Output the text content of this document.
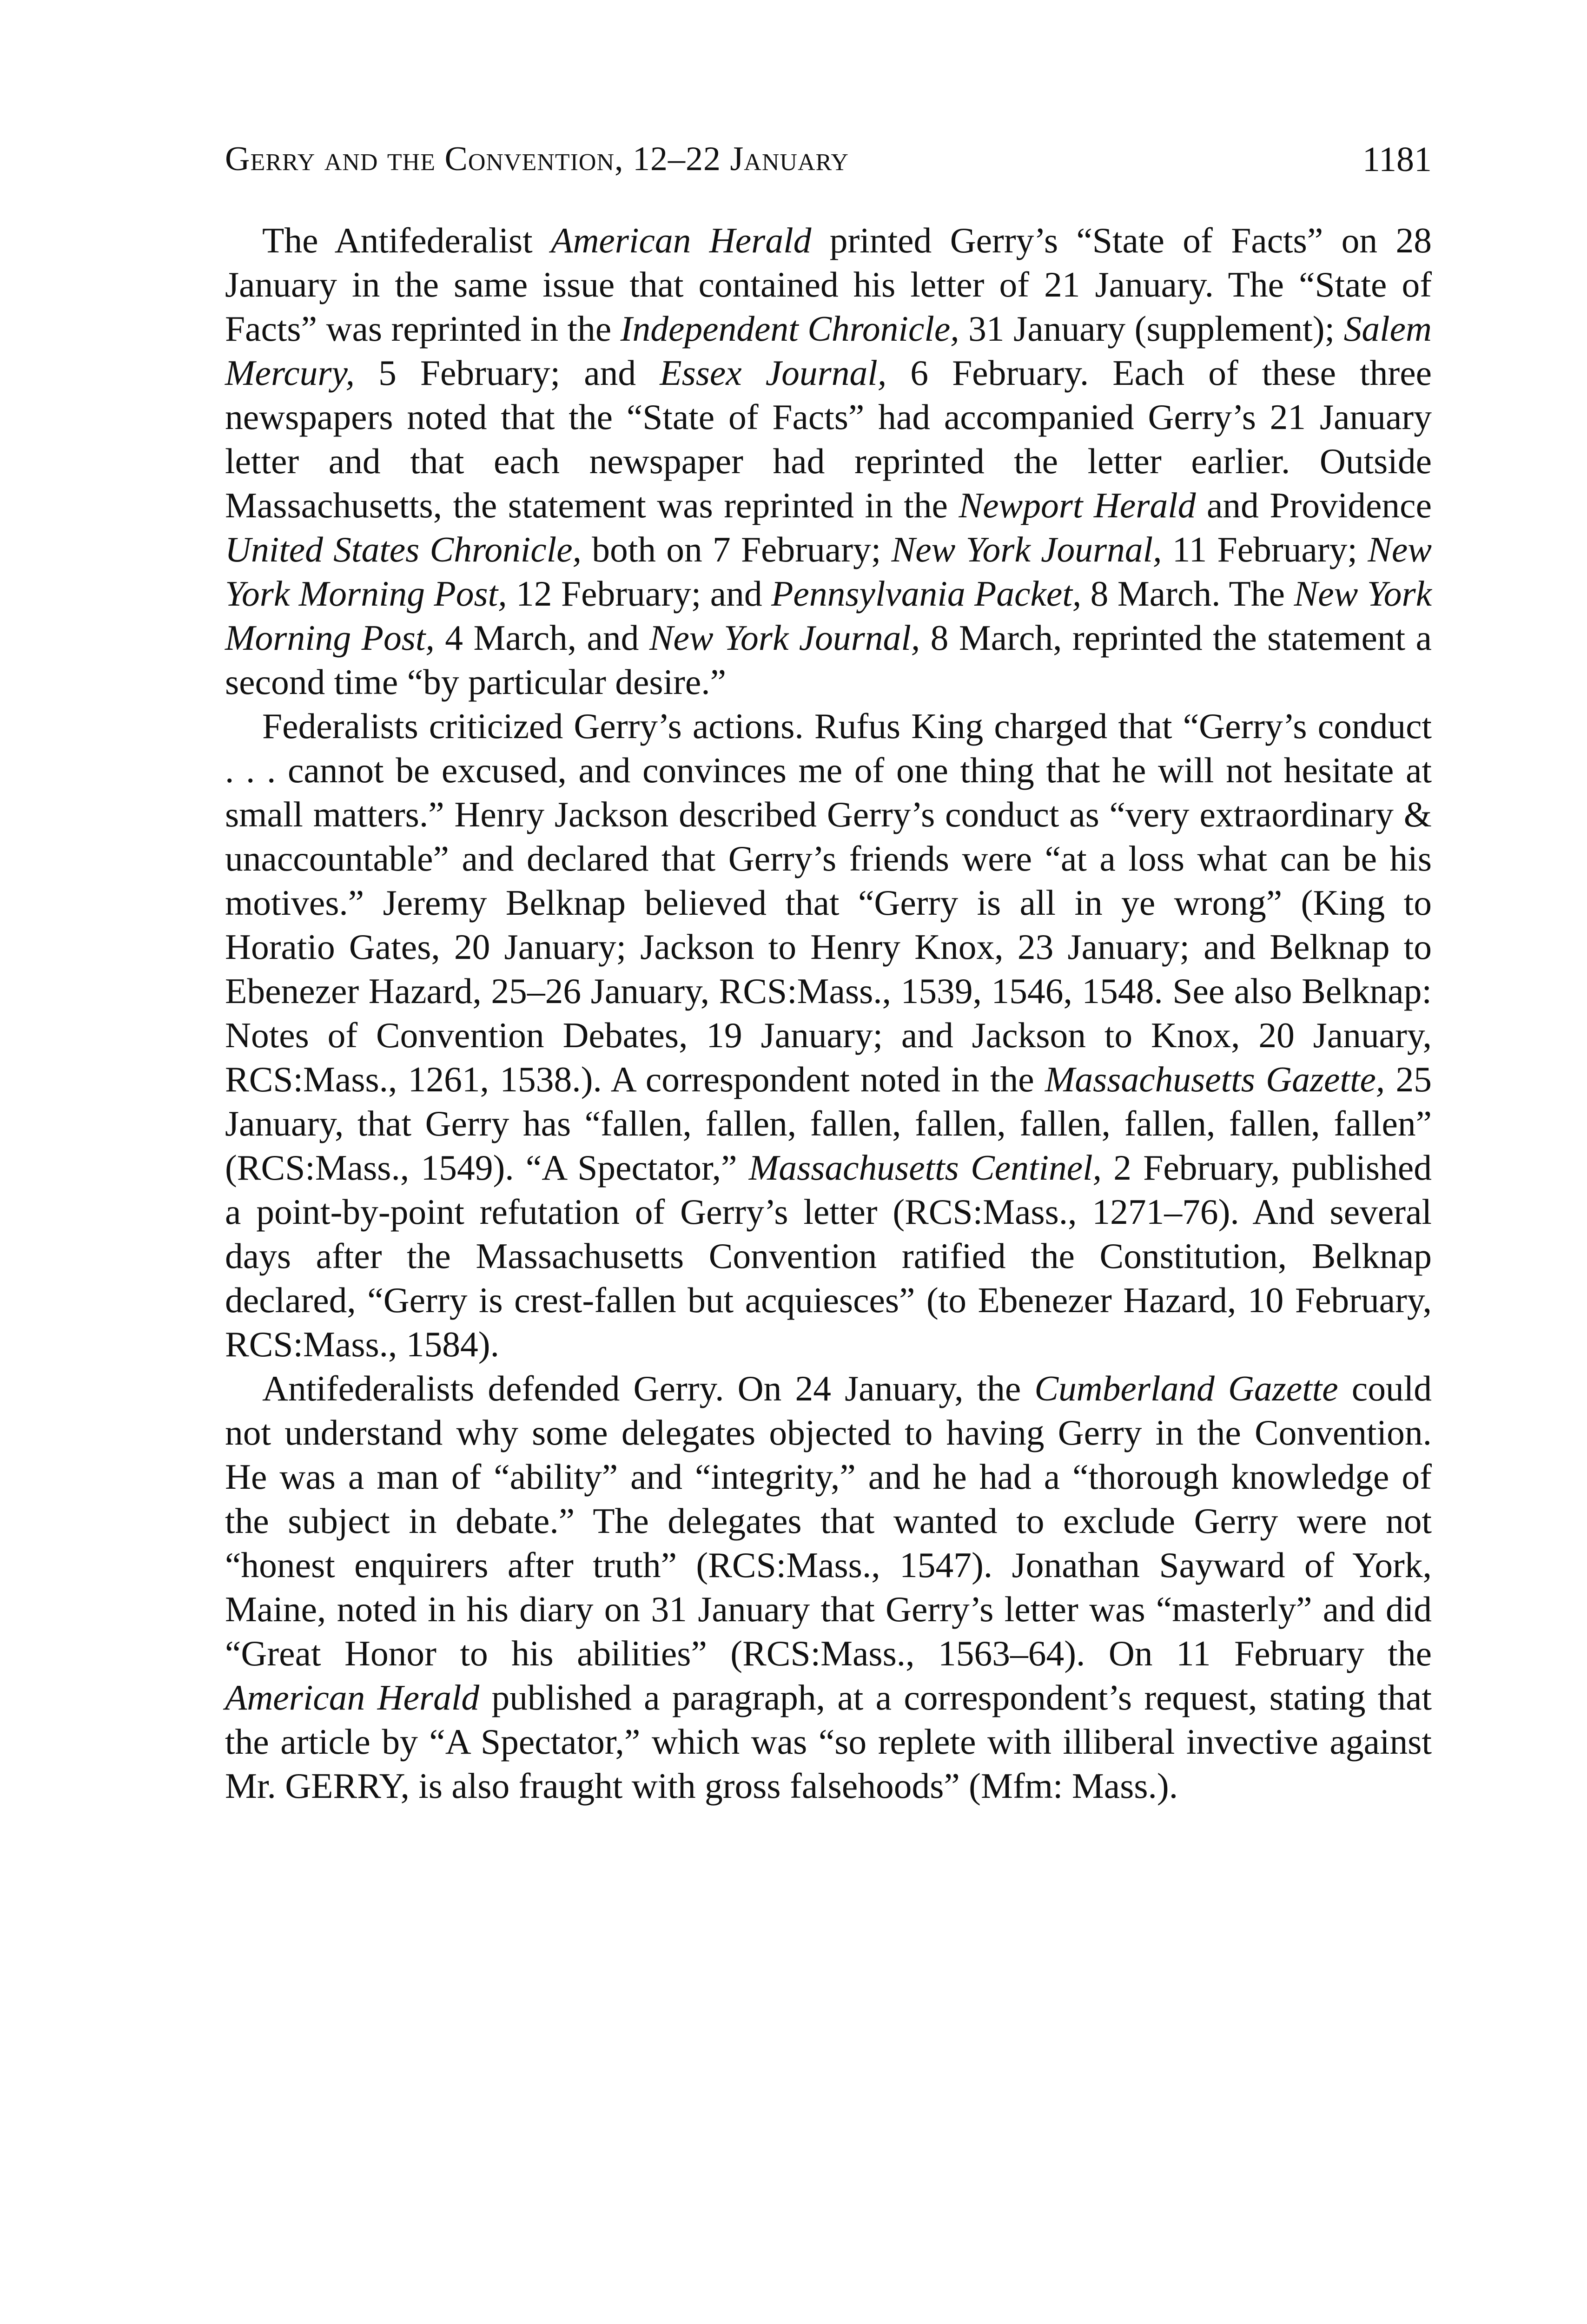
Gerry and the Convention, 12–22 January	1181

The Antifederalist American Herald printed Gerry’s “State of Facts” on 28 January in the same issue that contained his letter of 21 January. The “State of Facts” was reprinted in the Independent Chronicle, 31 January (supplement); Salem Mercury, 5 February; and Essex Journal, 6 February. Each of these three newspapers noted that the “State of Facts” had accompanied Gerry’s 21 January letter and that each newspaper had reprinted the letter earlier. Outside Massachusetts, the statement was reprinted in the Newport Herald and Providence United States Chronicle, both on 7 February; New York Journal, 11 February; New York Morning Post, 12 February; and Pennsylvania Packet, 8 March. The New York Morning Post, 4 March, and New York Journal, 8 March, reprinted the statement a second time “by particular desire.”

Federalists criticized Gerry’s actions. Rufus King charged that “Gerry’s conduct . . . cannot be excused, and convinces me of one thing that he will not hesitate at small matters.” Henry Jackson described Gerry’s conduct as “very extraordinary & unaccountable” and declared that Gerry’s friends were “at a loss what can be his motives.” Jeremy Belknap believed that “Gerry is all in ye wrong” (King to Horatio Gates, 20 January; Jackson to Henry Knox, 23 January; and Belknap to Ebenezer Hazard, 25–26 January, RCS:Mass., 1539, 1546, 1548. See also Belknap: Notes of Convention Debates, 19 January; and Jackson to Knox, 20 January, RCS:Mass., 1261, 1538.). A correspondent noted in the Massachusetts Gazette, 25 January, that Gerry has “fallen, fallen, fallen, fallen, fallen, fallen, fallen, fallen” (RCS:Mass., 1549). “A Spectator,” Massachusetts Centinel, 2 February, published a point-by-point refutation of Gerry’s letter (RCS:Mass., 1271–76). And several days after the Massachusetts Convention ratified the Constitution, Belknap declared, “Gerry is crest-fallen but acquiesces” (to Ebenezer Hazard, 10 February, RCS:Mass., 1584).

Antifederalists defended Gerry. On 24 January, the Cumberland Gazette could not understand why some delegates objected to having Gerry in the Convention. He was a man of “ability” and “integrity,” and he had a “thorough knowledge of the subject in debate.” The delegates that wanted to exclude Gerry were not “honest enquirers after truth” (RCS:Mass., 1547). Jonathan Sayward of York, Maine, noted in his diary on 31 January that Gerry’s letter was “masterly” and did “Great Honor to his abilities” (RCS:Mass., 1563–64). On 11 February the American Herald published a paragraph, at a correspondent’s request, stating that the article by “A Spectator,” which was “so replete with illiberal invective against Mr. GERRY, is also fraught with gross falsehoods” (Mfm: Mass.).
